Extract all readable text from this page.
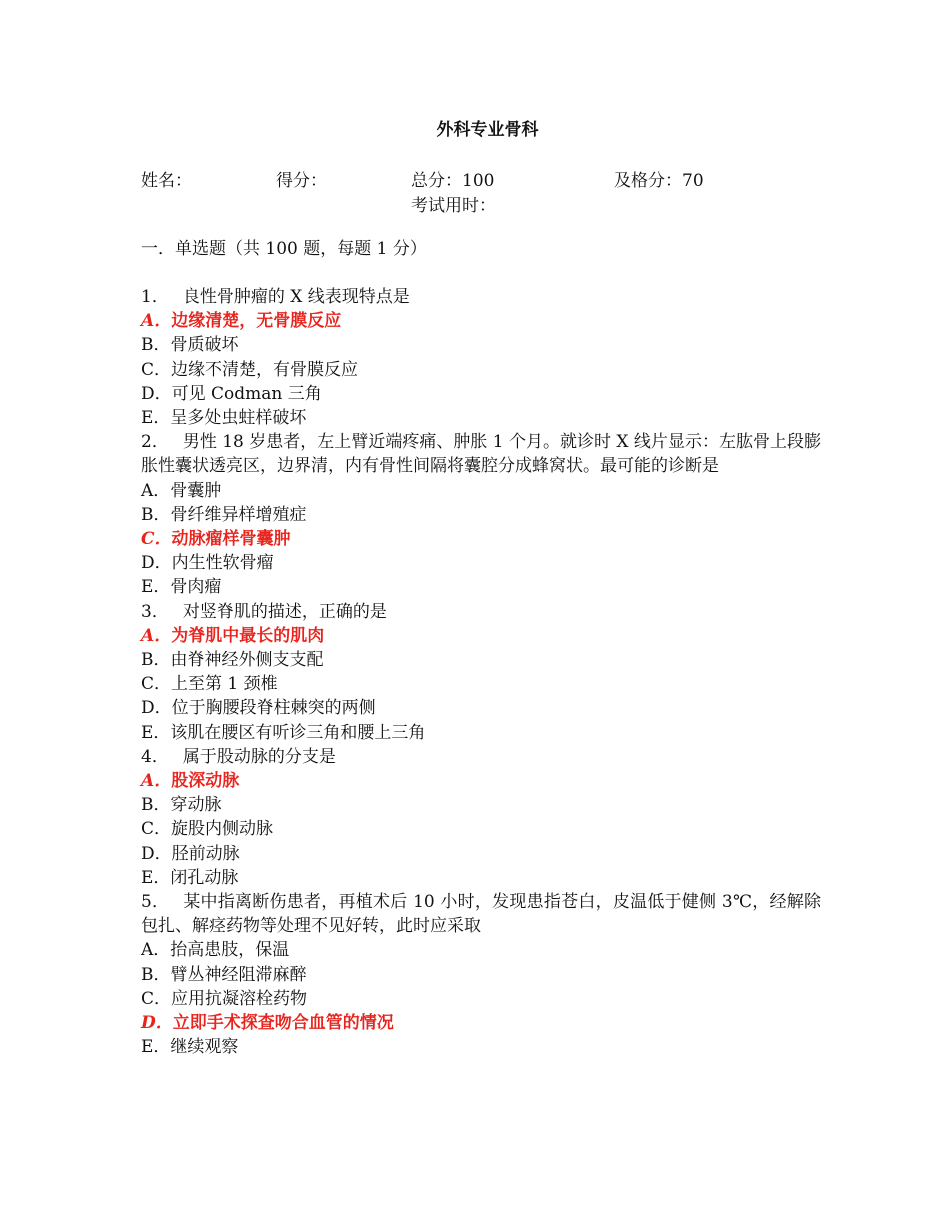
外科专业骨科
姓名：	得分：	总分：100	及格分：70
考试用时：
一．单选题（共 100 题，每题 1 分）
1． 良性骨肿瘤的 X 线表现特点是
A．边缘清楚，无骨膜反应
B．骨质破坏
C．边缘不清楚，有骨膜反应
D．可见 Codman 三角
E．呈多处虫蛀样破坏
2． 男性 18 岁患者，左上臂近端疼痛、肿胀 1 个月。就诊时 X 线片显示：左肱骨上段膨胀性囊状透亮区，边界清，内有骨性间隔将囊腔分成蜂窝状。最可能的诊断是
A．骨囊肿
B．骨纤维异样增殖症
C．动脉瘤样骨囊肿
D．内生性软骨瘤
E．骨肉瘤
3． 对竖脊肌的描述，正确的是
A．为脊肌中最长的肌肉
B．由脊神经外侧支支配
C．上至第 1 颈椎
D．位于胸腰段脊柱棘突的两侧
E．该肌在腰区有听诊三角和腰上三角
4． 属于股动脉的分支是
A．股深动脉
B．穿动脉
C．旋股内侧动脉
D．胫前动脉
E．闭孔动脉
5． 某中指离断伤患者，再植术后 10 小时，发现患指苍白，皮温低于健侧 3℃，经解除包扎、解痉药物等处理不见好转，此时应采取
A．抬高患肢，保温
B．臂丛神经阻滞麻醉
C．应用抗凝溶栓药物
D．立即手术探查吻合血管的情况
E．继续观察
